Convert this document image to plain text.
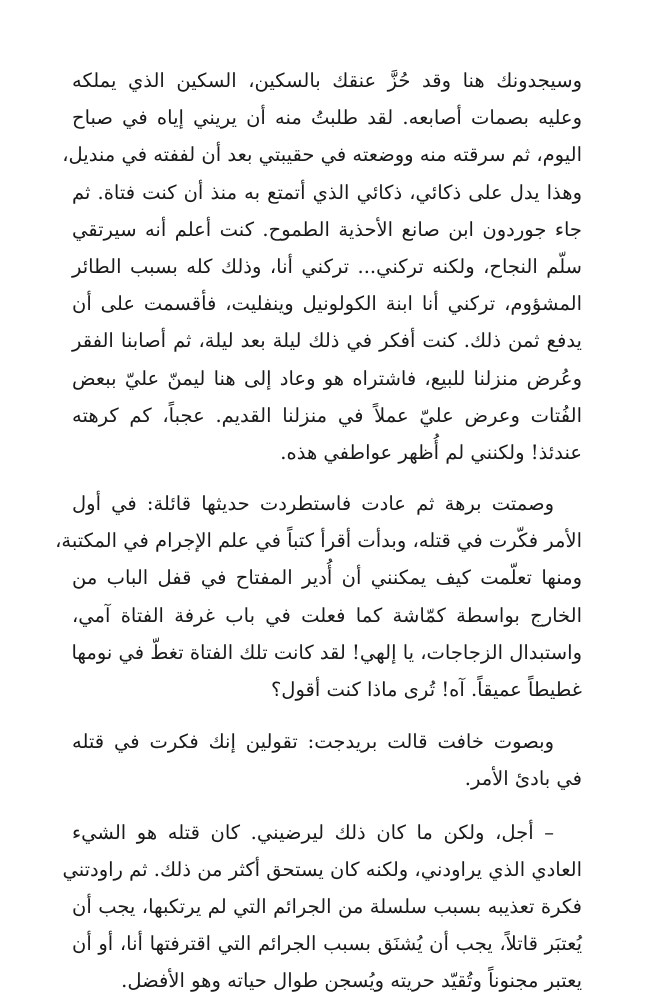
وسيجدونك هنا وقد حُزَّ عنقك بالسكين، السكين الذي يملكه
وعليه بصمات أصابعه. لقد طلبتُ منه أن يريني إياه في صباح
اليوم، ثم سرقته منه ووضعته في حقيبتي بعد أن لففته في منديل،
وهذا يدل على ذكائي، ذكائي الذي أتمتع به منذ أن كنت فتاة. ثم
جاء جوردون ابن صانع الأحذية الطموح. كنت أعلم أنه سيرتقي
سلّم النجاح، ولكنه تركني... تركني أنا، وذلك كله بسبب الطائر
المشؤوم، تركني أنا ابنة الكولونيل وينفليت، فأقسمت على أن
يدفع ثمن ذلك. كنت أفكر في ذلك ليلة بعد ليلة، ثم أصابنا الفقر
وعُرض منزلنا للبيع، فاشتراه هو وعاد إلى هنا ليمنّ عليّ ببعض
الفُتات وعرض عليّ عملاً في منزلنا القديم. عجباً، كم كرهته
عندئذ! ولكنني لم أُظهر عواطفي هذه.
وصمتت برهة ثم عادت فاستطردت حديثها قائلة: في أول
الأمر فكّرت في قتله، وبدأت أقرأ كتباً في علم الإجرام في المكتبة،
ومنها تعلّمت كيف يمكنني أن أُدير المفتاح في قفل الباب من
الخارج بواسطة كمّاشة كما فعلت في باب غرفة الفتاة آمي،
واستبدال الزجاجات، يا إلهي! لقد كانت تلك الفتاة تغطّ في نومها
غطيطاً عميقاً. آه! تُرى ماذا كنت أقول؟
وبصوت خافت قالت بريدجت: تقولين إنك فكرت في قتله
في بادئ الأمر.
– أجل، ولكن ما كان ذلك ليرضيني. كان قتله هو الشيء
العادي الذي يراودني، ولكنه كان يستحق أكثر من ذلك. ثم راودتني
فكرة تعذيبه بسبب سلسلة من الجرائم التي لم يرتكبها، يجب أن
يُعتبَر قاتلاً، يجب أن يُشنَق بسبب الجرائم التي اقترفتها أنا، أو أن
يعتبر مجنوناً وتُقيّد حريته ويُسجن طوال حياته وهو الأفضل.
